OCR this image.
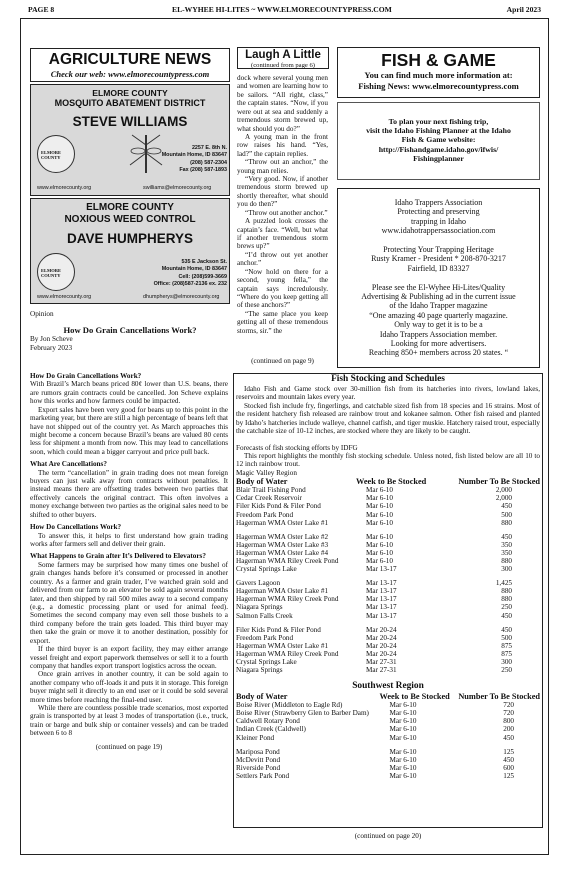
PAGE 8	EL-WYHEE HI-LITES ~ WWW.ELMORECOUNTYPRESS.COM	April 2023
AGRICULTURE NEWS
Check our web: www.elmorecountypress.com
ELMORE COUNTY
MOSQUITO ABATEMENT DISTRICT
STEVE WILLIAMS
ELMORE COUNTY
2257 E. 8th N.
Mountain Home, ID 83647
(208) 587-2304
Fax (208) 587-1893
www.elmorecounty.org	swilliams@elmorecounty.org
ELMORE COUNTY
NOXIOUS WEED CONTROL
DAVE HUMPHERYS
ELMORE COUNTY
535 E Jackson St.
Mountain Home, ID 83647
Cell: (208)599-3669
Office: (208)587-2136 ex. 232
www.elmorecounty.org	dhumpherys@elmorecounty.org
Opinion
How Do Grain Cancellations Work?
By Jon Scheve
February 2023
How Do Grain Cancellations Work?

With Brazil’s March beans priced 80¢ lower than U.S. beans, there are rumors grain contracts could be cancelled. Jon Scheve explains how this works and how farmers could be impacted.

Export sales have been very good for beans up to this point in the marketing year, but there are still a high percentage of beans left that have not shipped out of the country yet. As March approaches this might become a concern because Brazil’s beans are valued 80 cents less for shipment a month from now. This may lead to cancellations soon, which could mean a bigger carryout and price pull back.

What Are Cancellations?

The term “cancellation” in grain trading does not mean foreign buyers can just walk away from contracts without penalties. It instead means there are offsetting trades between two parties that effectively cancels the original contract. This often involves a money exchange between two parties as the original sales need to be shifted to other buyers.

How Do Cancellations Work?

To answer this, it helps to first understand how grain trading works after farmers sell and deliver their grain.

What Happens to Grain after It’s Delivered to Elevators?

Some farmers may be surprised how many times one bushel of grain changes hands before it’s consumed or processed in another country. As a farmer and grain trader, I’ve watched grain sold and delivered from our farm to an elevator be sold again several months later, and then shipped by rail 500 miles away to a second company (e.g., a domestic processing plant or used for animal feed). Sometimes the second company may even sell those bushels to a third company before the train gets loaded. This third buyer may then take the grain or move it to another destination, possibly for export.

If the third buyer is an export facility, they may either arrange vessel freight and export paperwork themselves or sell it to a fourth company that handles export transport logistics across the ocean.

Once grain arrives in another country, it can be sold again to another company who off-loads it and puts it in storage. This foreign buyer might sell it directly to an end user or it could be sold several more times before reaching the final-end user.

While there are countless possible trade scenarios, most exported grain is transported by at least 3 modes of transportation (i.e., truck, train or barge and bulk ship or container vessels) and can be traded between 6 to 8

(continued on page 19)
Laugh A Little
(continued from page 6)

dock where several young men and women are learning how to be sailors. “All right, class,” the captain states. “Now, if you were out at sea and suddenly a tremendous storm brewed up, what should you do?”

A young man in the front row raises his hand. “Yes, lad?” the captain replies.

“Throw out an anchor,” the young man relies.

“Very good. Now, if another tremendous storm brewed up shortly thereafter, what should you do then?”

“Throw out another anchor.”

A puzzled look crosses the captain’s face. “Well, but what if another tremendous storm brews up?”

“I’d throw out yet another anchor.”

“Now hold on there for a second, young fella,” the captain says incredulously. “Where do you keep getting all of these anchors?”

“The same place you keep getting all of these tremendous storms, sir.” the

(continued on page 9)
FISH & GAME
You can find much more information at:
Fishing News: www.elmorecountypress.com
To plan your next fishing trip,
visit the Idaho Fishing Planner at the Idaho
Fish & Game website:
http://Fishandgame.idaho.gov/ifwis/
Fishingplanner
Idaho Trappers Association
Protecting and preserving
trapping in Idaho
www.idahotrappersassociation.com
Protecting Your Trapping Heritage
Rusty Kramer - President * 208-870-3217
Fairfield, ID 83327
Please see the El-Wyhee Hi-Lites/Quality
Advertising & Publishing ad in the current issue
of the Idaho Trapper magazine
“One amazing 40 page quarterly magazine.
Only way to get it is to be a
Idaho Trappers Association member.
Looking for more advertisers.
Reaching 850+ members across 20 states. “
Fish Stocking and Schedules

Idaho Fish and Game stock over 30-million fish from its hatcheries into rivers, lowland lakes, reservoirs and mountain lakes every year.

Stocked fish include fry, fingerlings, and catchable sized fish from 18 species and 16 strains. Most of the resident hatchery fish released are rainbow trout and kokanee salmon. Other fish raised and planted by Idaho’s hatcheries include walleye, channel catfish, and tiger muskie. Hatchery raised trout, especially the catchable size of 10-12 inches, are stocked where they are likely to be caught.

Forecasts of fish stocking efforts by IDFG

This report highlights the monthly fish stocking schedule. Unless noted, fish listed below are all 10 to 12 inch rainbow trout.

Magic Valley Region
Body of Water	Week to Be Stocked	Number To Be Stocked
Blair Trail Fishing Pond	Mar 6-10	2,000
Cedar Creek Reservoir	Mar 6-10	2,000
Filer Kids Pond & Filer Pond	Mar 6-10	450
Freedom Park Pond	Mar 6-10	500
Hagerman WMA Oster Lake #1	Mar 6-10	880

Hagerman WMA Oster Lake #2	Mar 6-10	450
Hagerman WMA Oster Lake #3	Mar 6-10	350
Hagerman WMA Oster Lake #4	Mar 6-10	350
Hagerman WMA Riley Creek Pond	Mar 6-10	880
Crystal Springs Lake	Mar 13-17	300

Gavers Lagoon	Mar 13-17	1,425
Hagerman WMA Oster Lake #1	Mar 13-17	880
Hagerman WMA Riley Creek Pond	Mar 13-17	880
Niagara Springs	Mar 13-17	250
Salmon Falls Creek	Mar 13-17	450

Filer Kids Pond & Filer Pond	Mar 20-24	450
Freedom Park Pond	Mar 20-24	500
Hagerman WMA Oster Lake #1	Mar 20-24	875
Hagerman WMA Riley Creek Pond	Mar 20-24	875
Crystal Springs Lake	Mar 27-31	300
Niagara Springs	Mar 27-31	250
Southwest Region
Body of Water	Week to Be Stocked	Number To Be Stocked
Boise River (Middleton to Eagle Rd)	Mar 6-10	720
Boise River (Strawberry Glen to Barber Dam)	Mar 6-10	720
Caldwell Rotary Pond	Mar 6-10	800
Indian Creek (Caldwell)	Mar 6-10	200
Kleiner Pond	Mar 6-10	450

Mariposa Pond	Mar 6-10	125
McDevitt Pond	Mar 6-10	450
Riverside Pond	Mar 6-10	600
Settlers Park Pond	Mar 6-10	125
(continued on page 20)
